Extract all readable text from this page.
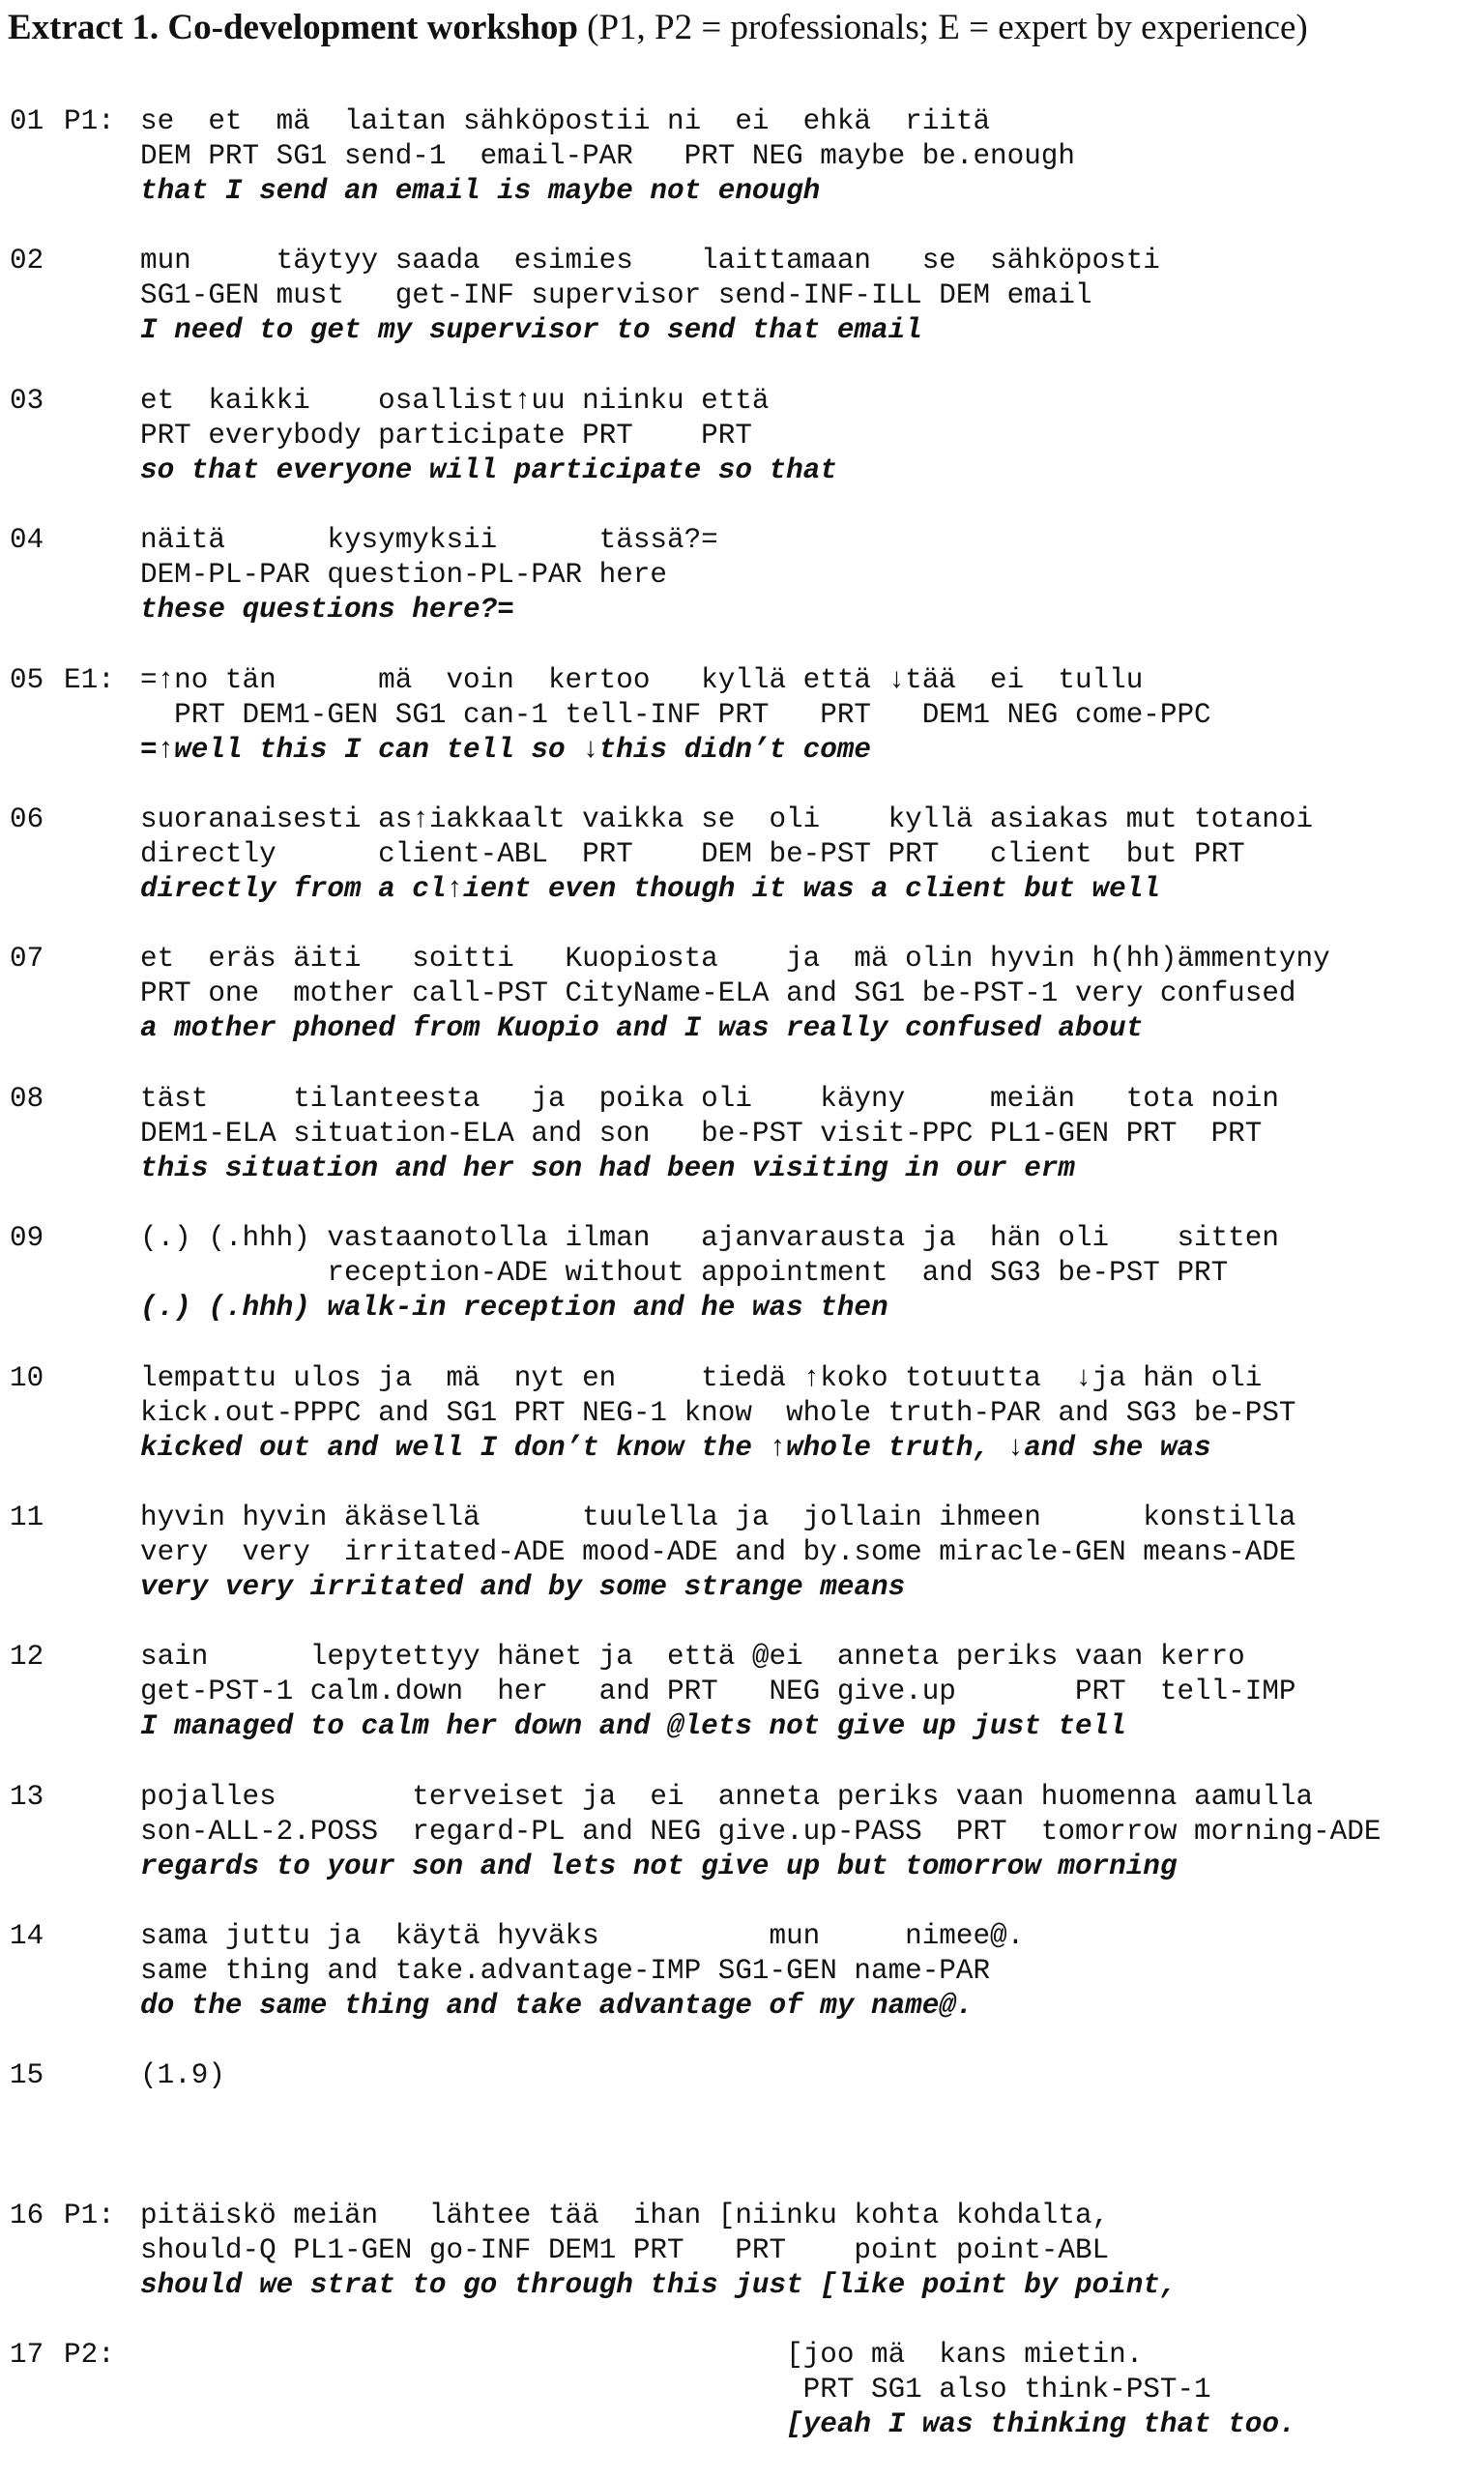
Extract 1. Co-development workshop (P1, P2 = professionals; E = expert by experience)
01 P1: se  et  mä  laitan sähköpostii ni  ei  ehkä  riitä
DEM PRT SG1 send-1  email-PAR   PRT NEG maybe be.enough
that I send an email is maybe not enough
02	mun     täytyy saada  esimies    laittamaan   se  sähköposti
SG1-GEN must   get-INF supervisor send-INF-ILL DEM email
I need to get my supervisor to send that email
03	et  kaikki    osallist↑uu niinku että
PRT everybody participate PRT    PRT
so that everyone will participate so that
04	näitä      kysymyksii      tässä?=
DEM-PL-PAR question-PL-PAR here
these questions here?=
05 E1: =↑no tän      mä  voin  kertoo   kyllä että ↓tää  ei  tullu
PRT DEM1-GEN SG1 can-1 tell-INF PRT   PRT   DEM1 NEG come-PPC
=↑well this I can tell so ↓this didn’t come
06	suoranaisesti as↑iakkaalt vaikka se  oli    kyllä asiakas mut totanoi
directly      client-ABL  PRT    DEM be-PST PRT   client  but PRT
directly from a cl↑ient even though it was a client but well
07	et  eräs äiti   soitti   Kuopiosta    ja  mä olin hyvin h(hh)ämmentyny
PRT one  mother call-PST CityName-ELA and SG1 be-PST-1 very confused
a mother phoned from Kuopio and I was really confused about
08	täst     tilanteesta   ja  poika oli    käyny     meiän   tota noin
DEM1-ELA situation-ELA and son   be-PST visit-PPC PL1-GEN PRT  PRT
this situation and her son had been visiting in our erm
09	(.) (.hhh) vastaanotolla ilman   ajanvarausta ja  hän oli    sitten
reception-ADE without appointment  and SG3 be-PST PRT
(.) (.hhh) walk-in reception and he was then
10	lempattu ulos ja  mä  nyt en     tiedä ↑koko totuutta  ↓ja hän oli
kick.out-PPPC and SG1 PRT NEG-1 know  whole truth-PAR and SG3 be-PST
kicked out and well I don’t know the ↑whole truth, ↓and she was
11	hyvin hyvin äkäsellä      tuulella ja  jollain ihmeen      konstilla
very  very  irritated-ADE mood-ADE and by.some miracle-GEN means-ADE
very very irritated and by some strange means
12	sain      lepytettyy hänet ja  että @ei  anneta periks vaan kerro
get-PST-1 calm.down  her   and PRT   NEG give.up       PRT  tell-IMP
I managed to calm her down and @lets not give up just tell
13	pojalles        terveiset ja  ei  anneta periks vaan huomenna aamulla
son-ALL-2.POSS  regard-PL and NEG give.up-PASS  PRT  tomorrow morning-ADE
regards to your son and lets not give up but tomorrow morning
14	sama juttu ja  käytä hyväks          mun     nimee@.
same thing and take.advantage-IMP SG1-GEN name-PAR
do the same thing and take advantage of my name@.
15	(1.9)
16 P1: pitäiskö meiän   lähtee tää  ihan [niinku kohta kohdalta,
should-Q PL1-GEN go-INF DEM1 PRT   PRT    point point-ABL
should we strat to go through this just [like point by point,
17 P2: [joo mä  kans mietin.
PRT SG1 also think-PST-1
[yeah I was thinking that too.
